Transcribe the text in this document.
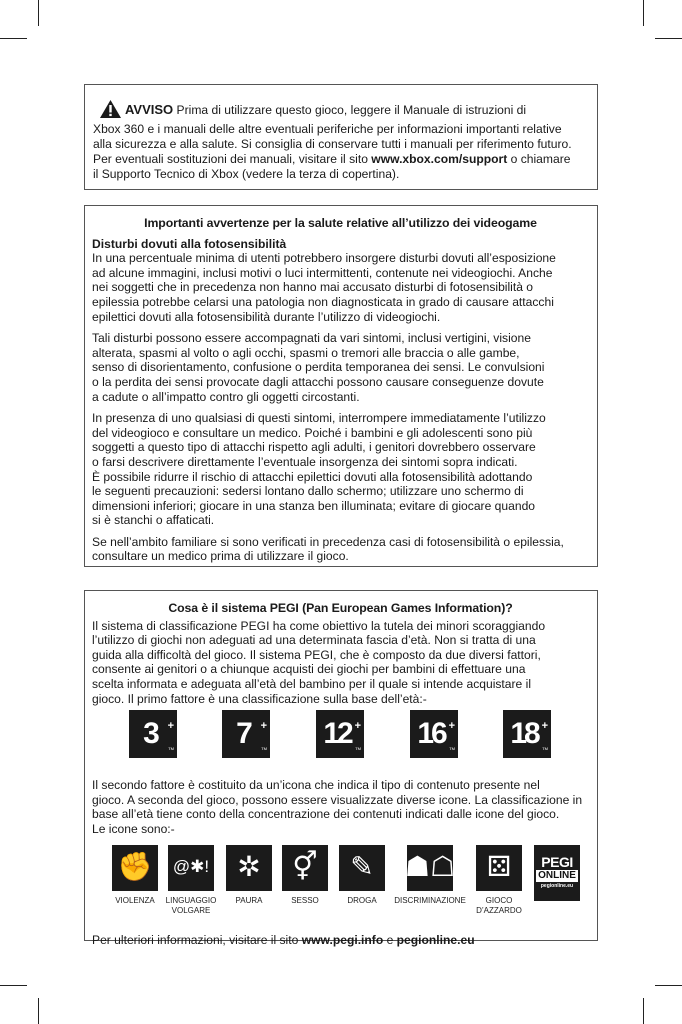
AVVISO Prima di utilizzare questo gioco, leggere il Manuale di istruzioni di
Xbox 360 e i manuali delle altre eventuali periferiche per informazioni importanti relative
alla sicurezza e alla salute. Si consiglia di conservare tutti i manuali per riferimento futuro.
Per eventuali sostituzioni dei manuali, visitare il sito www.xbox.com/support o chiamare
il Supporto Tecnico di Xbox (vedere la terza di copertina).
Importanti avvertenze per la salute relative all’utilizzo dei videogame
Disturbi dovuti alla fotosensibilità

In una percentuale minima di utenti potrebbero insorgere disturbi dovuti all’esposizione
ad alcune immagini, inclusi motivi o luci intermittenti, contenute nei videogiochi. Anche
nei soggetti che in precedenza non hanno mai accusato disturbi di fotosensibilità o
epilessia potrebbe celarsi una patologia non diagnosticata in grado di causare attacchi
epilettici dovuti alla fotosensibilità durante l’utilizzo di videogiochi.

Tali disturbi possono essere accompagnati da vari sintomi, inclusi vertigini, visione
alterata, spasmi al volto o agli occhi, spasmi o tremori alle braccia o alle gambe,
senso di disorientamento, confusione o perdita temporanea dei sensi. Le convulsioni
o la perdita dei sensi provocate dagli attacchi possono causare conseguenze dovute
a cadute o all’impatto contro gli oggetti circostanti.

In presenza di uno qualsiasi di questi sintomi, interrompere immediatamente l’utilizzo
del videogioco e consultare un medico. Poiché i bambini e gli adolescenti sono più
soggetti a questo tipo di attacchi rispetto agli adulti, i genitori dovrebbero osservare
o farsi descrivere direttamente l’eventuale insorgenza dei sintomi sopra indicati.
È possibile ridurre il rischio di attacchi epilettici dovuti alla fotosensibilità adottando
le seguenti precauzioni: sedersi lontano dallo schermo; utilizzare uno schermo di
dimensioni inferiori; giocare in una stanza ben illuminata; evitare di giocare quando
si è stanchi o affaticati.

Se nell’ambito familiare si sono verificati in precedenza casi di fotosensibilità o epilessia,
consultare un medico prima di utilizzare il gioco.

Cosa è il sistema PEGI (Pan European Games Information)?

Il sistema di classificazione PEGI ha come obiettivo la tutela dei minori scoraggiando
l’utilizzo di giochi non adeguati ad una determinata fascia d’età. Non si tratta di una
guida alla difficoltà del gioco. Il sistema PEGI, che è composto da due diversi fattori,
consente ai genitori o a chiunque acquisti dei giochi per bambini di effettuare una
scelta informata e adeguata all’età del bambino per il quale si intende acquistare il
gioco. Il primo fattore è una classificazione sulla base dell’età:-

3 +
TM	7 +
TM 12 +
TM 16 +
TM 18 +
TM

Il secondo fattore è costituito da un’icona che indica il tipo di contenuto presente nel
gioco. A seconda del gioco, possono essere visualizzate diverse icone. La classificazione in
base all’età tiene conto della concentrazione dei contenuti indicati dalle icone del gioco.
Le icone sono:-

✊
VIOLENZA
@✱!
LINGUAGGIO
VOLGARE
✲
PAURA
⚥
SESSO
✎
DROGA
☗☖
DISCRIMINAZIONE
⚄
GIOCO
D’AZZARDO
PEGI
ONLINE
pegionline.eu

Per ulteriori informazioni, visitare il sito www.pegi.info e pegionline.eu
